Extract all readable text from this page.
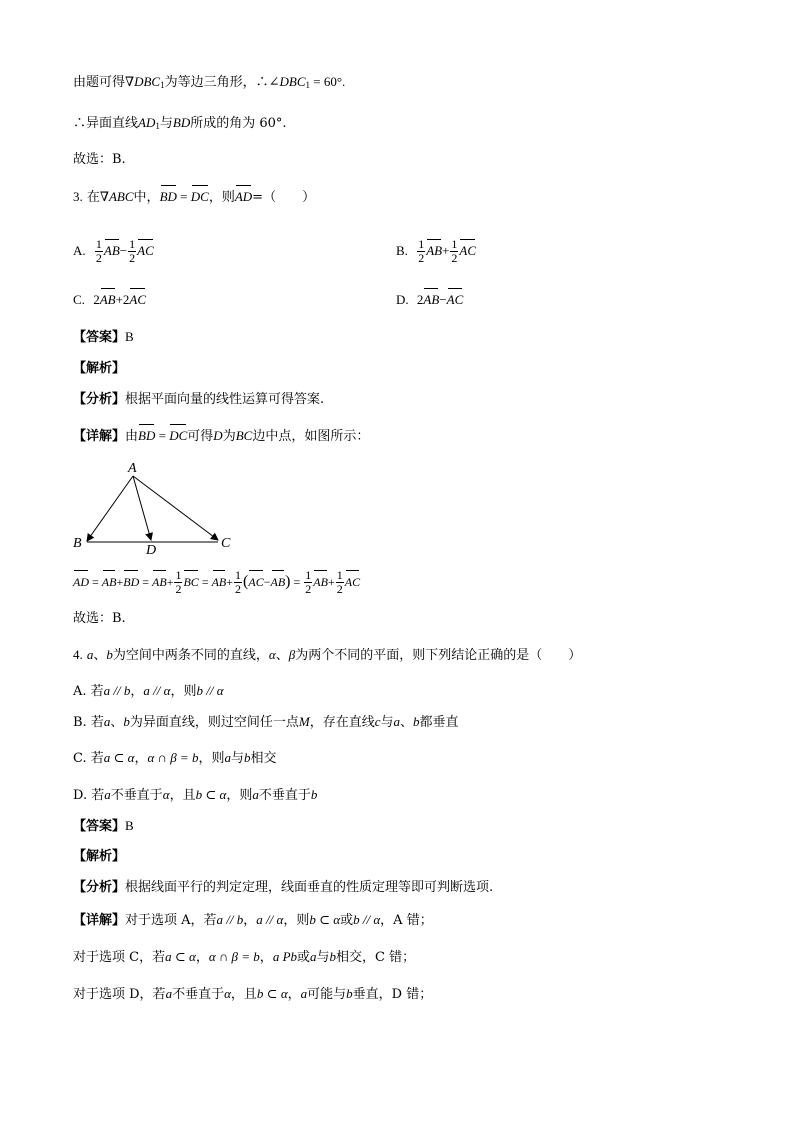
由题可得$\nabla DBC_1$为等边三角形，$\therefore\angle DBC_1 = 60^\circ$.
∴异面直线$AD_1$与BD所成的角为 60°.
故选：B.
3. 在∇ABC中，BD = DC，则AD=（　　）
A. $\frac{1}{2} AB- \frac{1}{2}$ AC	B. $\frac{1}{2} AB+ \frac{1}{2}$ AC
C. 2AB+2AC	D. 2AB−AC
【答案】B
【解析】
【分析】根据平面向量的线性运算可得答案.
【详解】由BD = DC可得D为BC边中点，如图所示：
A
B	C
D
AD = $AB+BD = AB+ \frac{1}{2}$ BC = $AB+ \frac{1}{2} (AC-AB) = \frac{1}{2} AB+ \frac{1}{2}$ AC
故选：B.
4. a、b为空间中两条不同的直线，α、β为两个不同的平面，则下列结论正确的是（　　）
A. 若a // b，a // α，则b // α
B. 若a、b为异面直线，则过空间任一点M，存在直线c与a、b都垂直
C. 若a ⊂ α，α ∩ β = b，则a与b相交
D. 若a不垂直于α，且b ⊂ α，则a不垂直于b
【答案】B
【解析】
【分析】根据线面平行的判定定理，线面垂直的性质定理等即可判断选项.
【详解】对于选项 A，若a // b，a // α，则b ⊂ α或b // α，A 错；
对于选项 C，若a ⊂ α，α ∩ β = b，a Pb或a与b相交，C 错；
对于选项 D，若a不垂直于α，且b ⊂ α，a可能与b垂直，D 错；
